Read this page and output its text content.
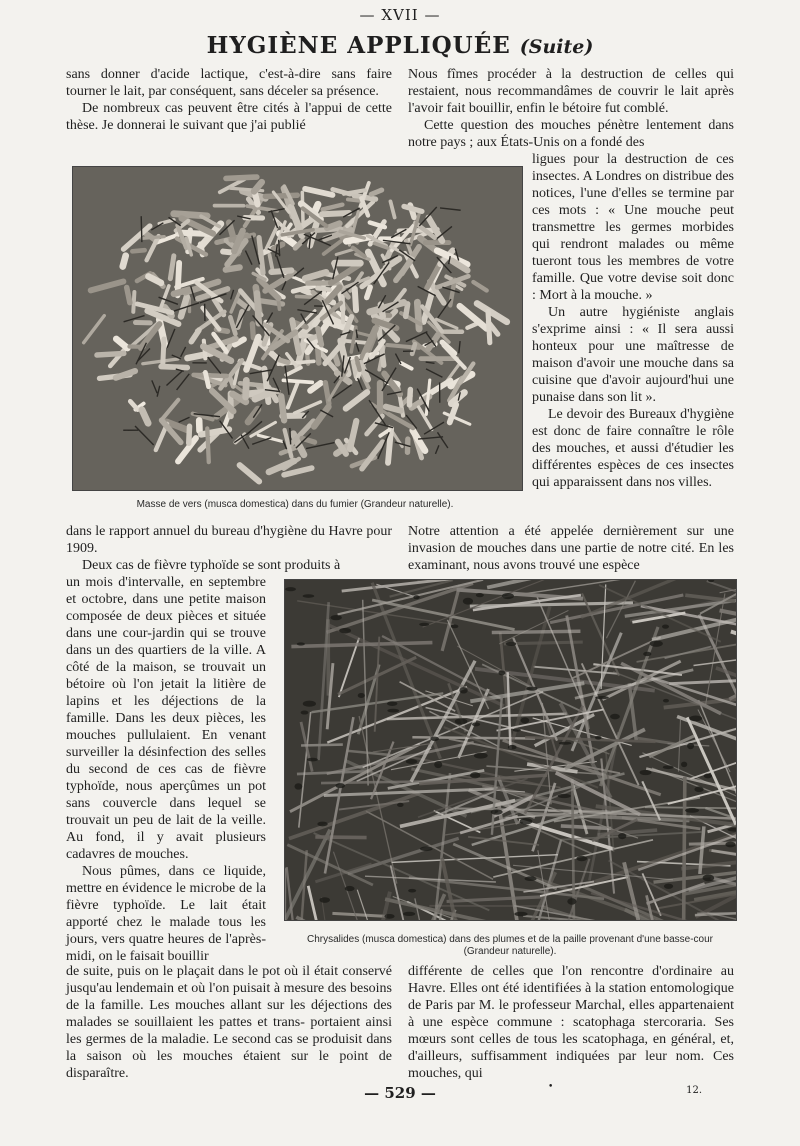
— XVII —
HYGIÈNE APPLIQUÉE (Suite)

sans donner d'acide lactique, c'est-à-dire sans faire tourner le lait, par conséquent, sans déceler sa présence.

De nombreux cas peuvent être cités à l'appui de cette thèse. Je donnerai le suivant que j'ai publié

Nous fîmes procéder à la destruction de celles qui restaient, nous recommandâmes de couvrir le lait après l'avoir fait bouillir, enfin le bétoire fut comblé.

Cette question des mouches pénètre lentement dans notre pays ; aux États-Unis on a fondé des

Masse de vers (musca domestica) dans du fumier (Grandeur naturelle).

ligues pour la destruction de ces insectes. A Londres on distribue des notices, l'une d'elles se termine par ces mots : « Une mouche peut transmettre les germes morbides qui rendront malades ou même tueront tous les membres de votre famille. Que votre devise soit donc : Mort à la mouche. »

Un autre hygiéniste anglais s'exprime ainsi : « Il sera aussi honteux pour une maîtresse de maison d'avoir une mouche dans sa cuisine que d'avoir aujourd'hui une punaise dans son lit ».

Le devoir des Bureaux d'hygiène est donc de faire connaître le rôle des mouches, et aussi d'étudier les différentes espèces de ces insectes qui apparaissent dans nos villes.

dans le rapport annuel du bureau d'hygiène du Havre pour 1909.

Deux cas de fièvre typhoïde se sont produits à

Notre attention a été appelée dernièrement sur une invasion de mouches dans une partie de notre cité. En les examinant, nous avons trouvé une espèce

un mois d'intervalle, en septembre et octobre, dans une petite maison composée de deux pièces et située dans une cour-jardin qui se trouve dans un des quartiers de la ville. A côté de la maison, se trouvait un bétoire où l'on jetait la litière de lapins et les déjections de la famille. Dans les deux pièces, les mouches pullulaient. En venant surveiller la désinfection des selles du second de ces cas de fièvre typhoïde, nous aperçûmes un pot sans couvercle dans lequel se trouvait un peu de lait de la veille. Au fond, il y avait plusieurs cadavres de mouches.

Nous pûmes, dans ce liquide, mettre en évidence le microbe de la fièvre typhoïde. Le lait était apporté chez le malade tous les jours, vers quatre heures de l'après-midi, on le faisait bouillir

Chrysalides (musca domestica) dans des plumes et de la paille provenant d'une basse-cour (Grandeur naturelle).

de suite, puis on le plaçait dans le pot où il était conservé jusqu'au lendemain et où l'on puisait à mesure des besoins de la famille. Les mouches allant sur les déjections des malades se souillaient les pattes et trans- portaient ainsi les germes de la maladie. Le second cas se produisit dans la saison où les mouches étaient sur le point de disparaître.

différente de celles que l'on rencontre d'ordinaire au Havre. Elles ont été identifiées à la station entomologique de Paris par M. le professeur Marchal, elles appartenaient à une espèce commune : scatophaga stercoraria. Ses mœurs sont celles de tous les scatophaga, en général, et, d'ailleurs, suffisamment indiquées par leur nom. Ces mouches, qui

— 529 —	•	12.
